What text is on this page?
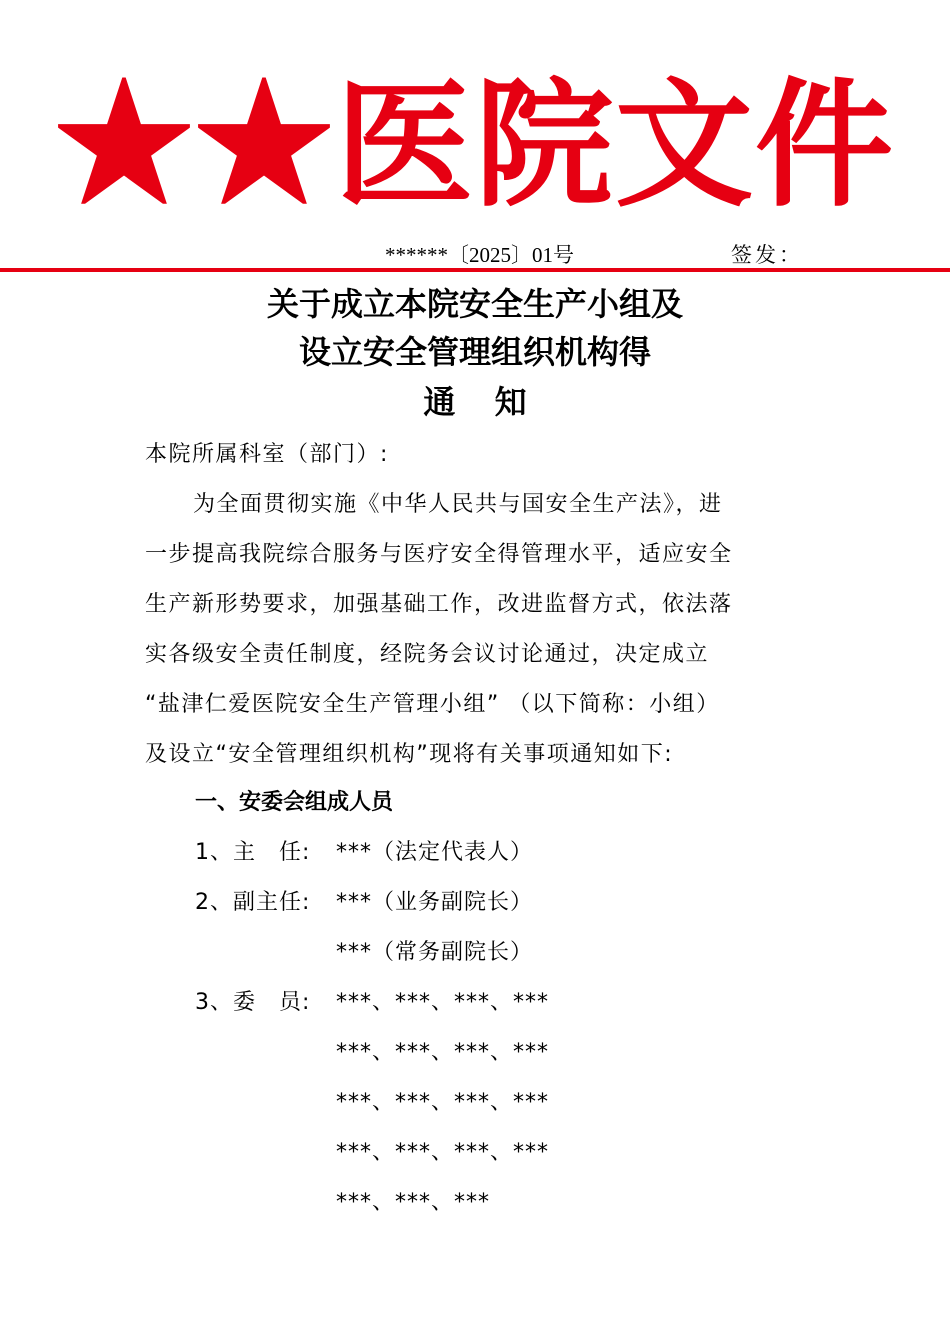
★★医院文件
******〔2025〕01号	签发：
关于成立本院安全生产小组及
设立安全管理组织机构得
通 知
本院所属科室（部门）:

为全面贯彻实施《中华人民共与国安全生产法》，进

一步提高我院综合服务与医疗安全得管理水平，适应安全

生产新形势要求，加强基础工作，改进监督方式，依法落

实各级安全责任制度，经院务会议讨论通过，决定成立

“盐津仁爱医院安全生产管理小组” （以下简称：小组）

及设立“安全管理组织机构”现将有关事项通知如下:

一、安委会组成人员
1、主　任: ***（法定代表人）
2、副主任: ***（业务副院长）
***（常务副院长）
3、委　员: ***、***、***、***
***、***、***、***
***、***、***、***
***、***、***、***
***、***、***
